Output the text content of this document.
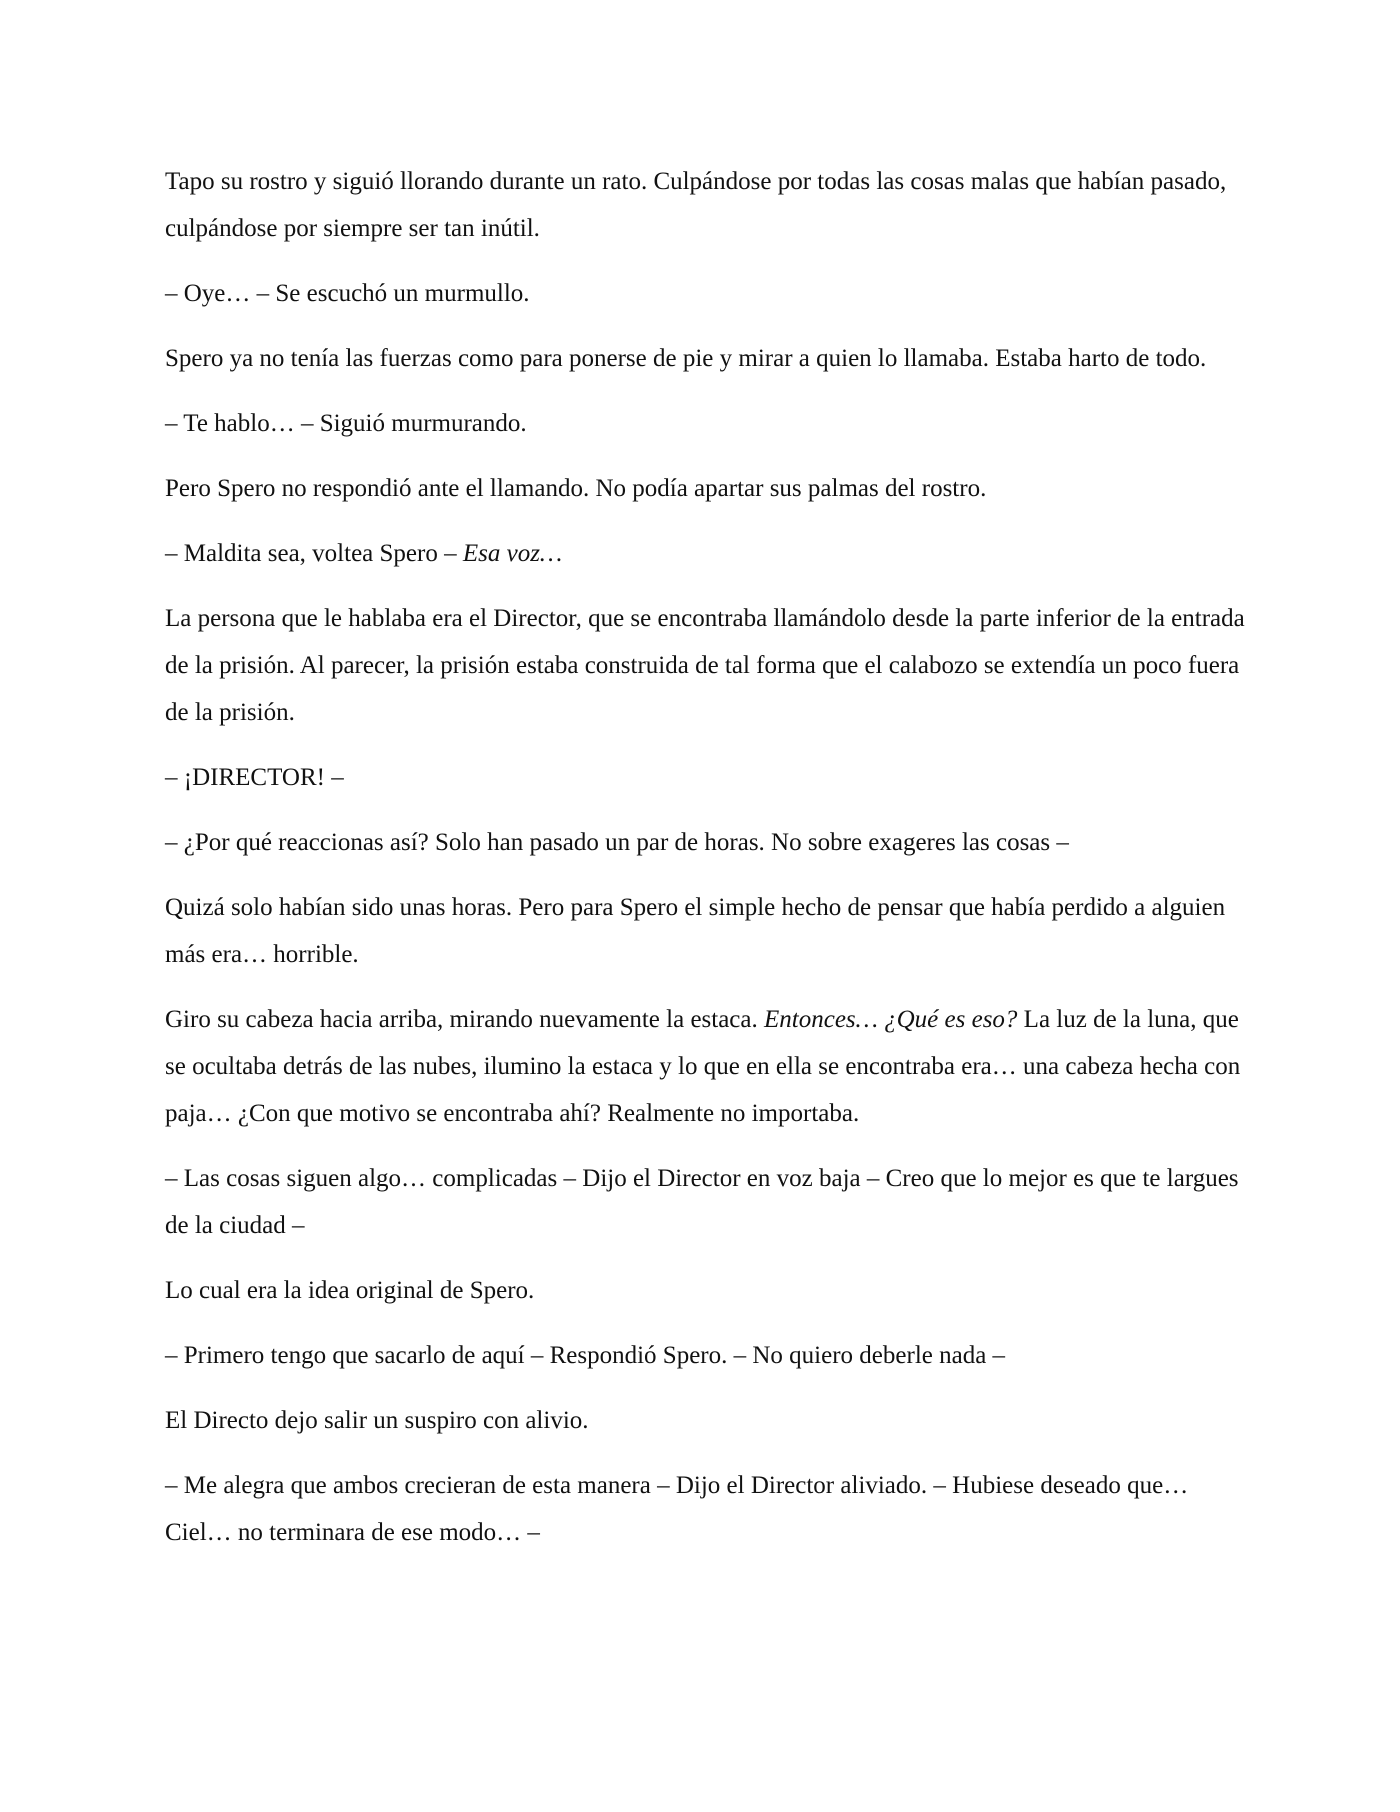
Tapo su rostro y siguió llorando durante un rato. Culpándose por todas las cosas malas que habían pasado, culpándose por siempre ser tan inútil.

– Oye… – Se escuchó un murmullo.

Spero ya no tenía las fuerzas como para ponerse de pie y mirar a quien lo llamaba. Estaba harto de todo.

– Te hablo… – Siguió murmurando.

Pero Spero no respondió ante el llamando. No podía apartar sus palmas del rostro.

– Maldita sea, voltea Spero – Esa voz…

La persona que le hablaba era el Director, que se encontraba llamándolo desde la parte inferior de la entrada de la prisión. Al parecer, la prisión estaba construida de tal forma que el calabozo se extendía un poco fuera de la prisión.

– ¡DIRECTOR! –

– ¿Por qué reaccionas así? Solo han pasado un par de horas. No sobre exageres las cosas –

Quizá solo habían sido unas horas. Pero para Spero el simple hecho de pensar que había perdido a alguien más era… horrible.

Giro su cabeza hacia arriba, mirando nuevamente la estaca. Entonces… ¿Qué es eso? La luz de la luna, que se ocultaba detrás de las nubes, ilumino la estaca y lo que en ella se encontraba era… una cabeza hecha con paja… ¿Con que motivo se encontraba ahí? Realmente no importaba.

– Las cosas siguen algo… complicadas – Dijo el Director en voz baja – Creo que lo mejor es que te largues de la ciudad –

Lo cual era la idea original de Spero.

– Primero tengo que sacarlo de aquí – Respondió Spero. – No quiero deberle nada –

El Directo dejo salir un suspiro con alivio.

– Me alegra que ambos crecieran de esta manera – Dijo el Director aliviado. – Hubiese deseado que… Ciel… no terminara de ese modo… –
